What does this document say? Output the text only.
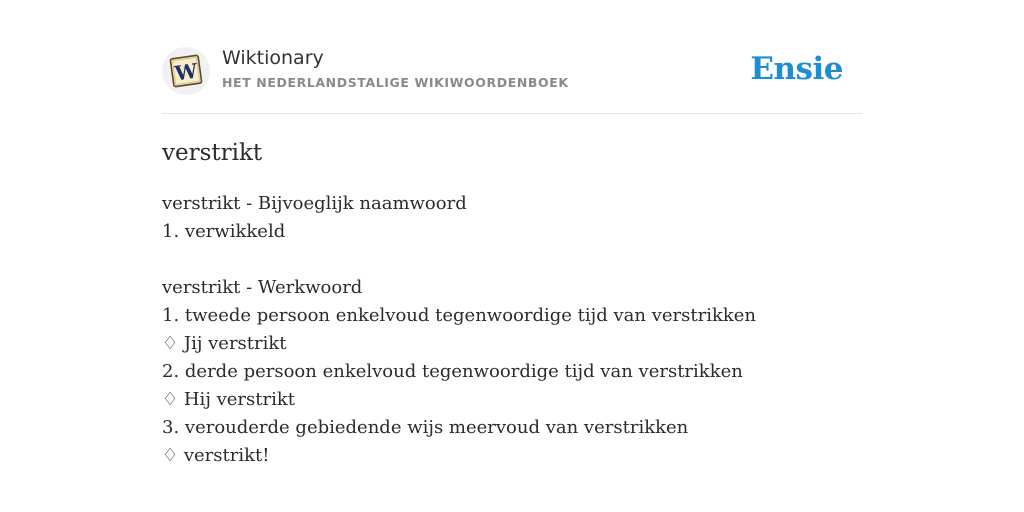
W
Wiktionary
HET NEDERLANDSTALIGE WIKIWOORDENBOEK	Ensie
verstrikt
verstrikt - Bijvoeglijk naamwoord
1. verwikkeld
verstrikt - Werkwoord
1. tweede persoon enkelvoud tegenwoordige tijd van verstrikken
♢ Jij verstrikt
2. derde persoon enkelvoud tegenwoordige tijd van verstrikken
♢ Hij verstrikt
3. verouderde gebiedende wijs meervoud van verstrikken
♢ verstrikt!
